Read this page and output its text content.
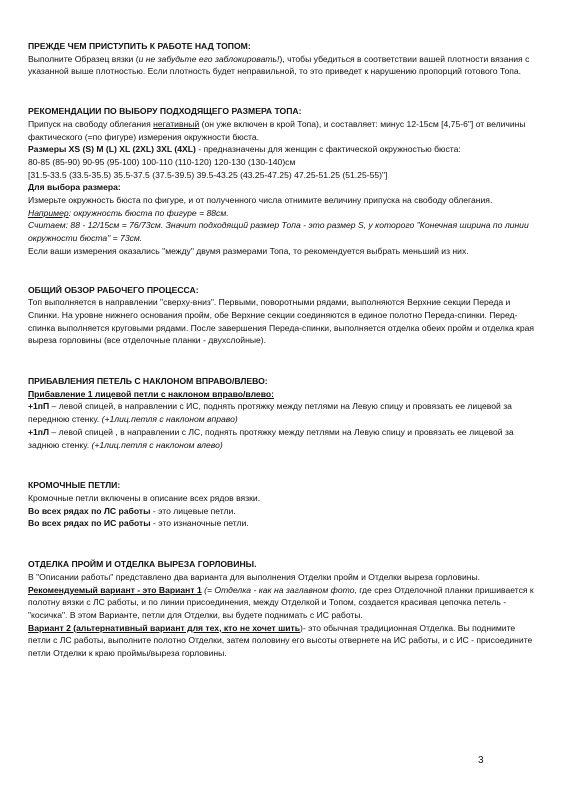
ПРЕЖДЕ ЧЕМ ПРИСТУПИТЬ К РАБОТЕ НАД ТОПОМ:

Выполните Образец вязки (и не забудьте его заблокировать!), чтобы убедиться в соответствии вашей плотности вязания с указанной выше плотностью. Если плотность будет неправильной, то это приведет к нарушению пропорций готового Топа.

РЕКОМЕНДАЦИИ ПО ВЫБОРУ ПОДХОДЯЩЕГО РАЗМЕРА ТОПА:

Припуск на свободу облегания негативный (он уже включен в крой Топа), и составляет: минус 12-15см [4,75-6"] от величины фактического (=по фигуре) измерения окружности бюста.

Размеры XS (S) M (L) XL (2XL) 3XL (4XL) - предназначены для женщин с фактической окружностью бюста:

80-85 (85-90) 90-95 (95-100) 100-110 (110-120) 120-130 (130-140)см

[31.5-33.5 (33.5-35.5) 35.5-37.5 (37.5-39.5) 39.5-43.25 (43.25-47.25) 47.25-51.25 (51.25-55)"]

Для выбора размера:

Измерьте окружность бюста по фигуре, и от полученного числа отнимите величину припуска на свободу облегания.

Например: окружность бюста по фигуре = 88см.

Считаем: 88 - 12/15см = 76/73см. Значит подходящий размер Топа - это размер S, у которого "Конечная ширина по линии окружности бюста" = 73см.

Если ваши измерения оказались "между" двумя размерами Топа, то рекомендуется выбрать меньший из них.

ОБЩИЙ ОБЗОР РАБОЧЕГО ПРОЦЕССА:

Топ выполняется в направлении "сверху-вниз". Первыми, поворотными рядами, выполняются Верхние секции Переда и Спинки. На уровне нижнего основания пройм, обе Верхние секции соединяются в единое полотно Переда-спинки. Перед-спинка выполняется круговыми рядами. После завершения Переда-спинки, выполняется отделка обеих пройм и отделка края выреза горловины (все отделочные планки - двухслойные).

ПРИБАВЛЕНИЯ ПЕТЕЛЬ С НАКЛОНОМ ВПРАВО/ВЛЕВО:

Прибавление 1 лицевой петли с наклоном вправо/влево:

+1пП – левой спицей, в направлении с ИС, поднять протяжку между петлями на Левую спицу и провязать ее лицевой за переднюю стенку. (+1лиц.петля с наклоном вправо)

+1пЛ – левой спицей , в направлении с ЛС, поднять протяжку между петлями на Левую спицу и провязать ее лицевой за заднюю стенку. (+1лиц.петля с наклоном влево)

КРОМОЧНЫЕ ПЕТЛИ:

Кромочные петли включены в описание всех рядов вязки.

Во всех рядах по ЛС работы - это лицевые петли.

Во всех рядах по ИС работы - это изнаночные петли.

ОТДЕЛКА ПРОЙМ И ОТДЕЛКА ВЫРЕЗА ГОРЛОВИНЫ.

В "Описании работы" представлено два варианта для выполнения Отделки пройм и Отделки выреза горловины.

Рекомендуемый вариант - это Вариант 1 (= Отделка - как на заглавном фото, где срез Отделочной планки пришивается к полотну вязки с ЛС работы, и по линии присоединения, между Отделкой и Топом, создается красивая цепочка петель - "косичка". В этом Варианте, петли для Отделки, вы будете поднимать с ИС работы.

Вариант 2 (альтернативный вариант для тех, кто не хочет шить)- это обычная традиционная Отделка. Вы поднимите петли с ЛС работы, выполните полотно Отделки, затем половину его высоты отвернете на ИС работы, и с ИС - присоедините петли Отделки к краю проймы/выреза горловины.

3
